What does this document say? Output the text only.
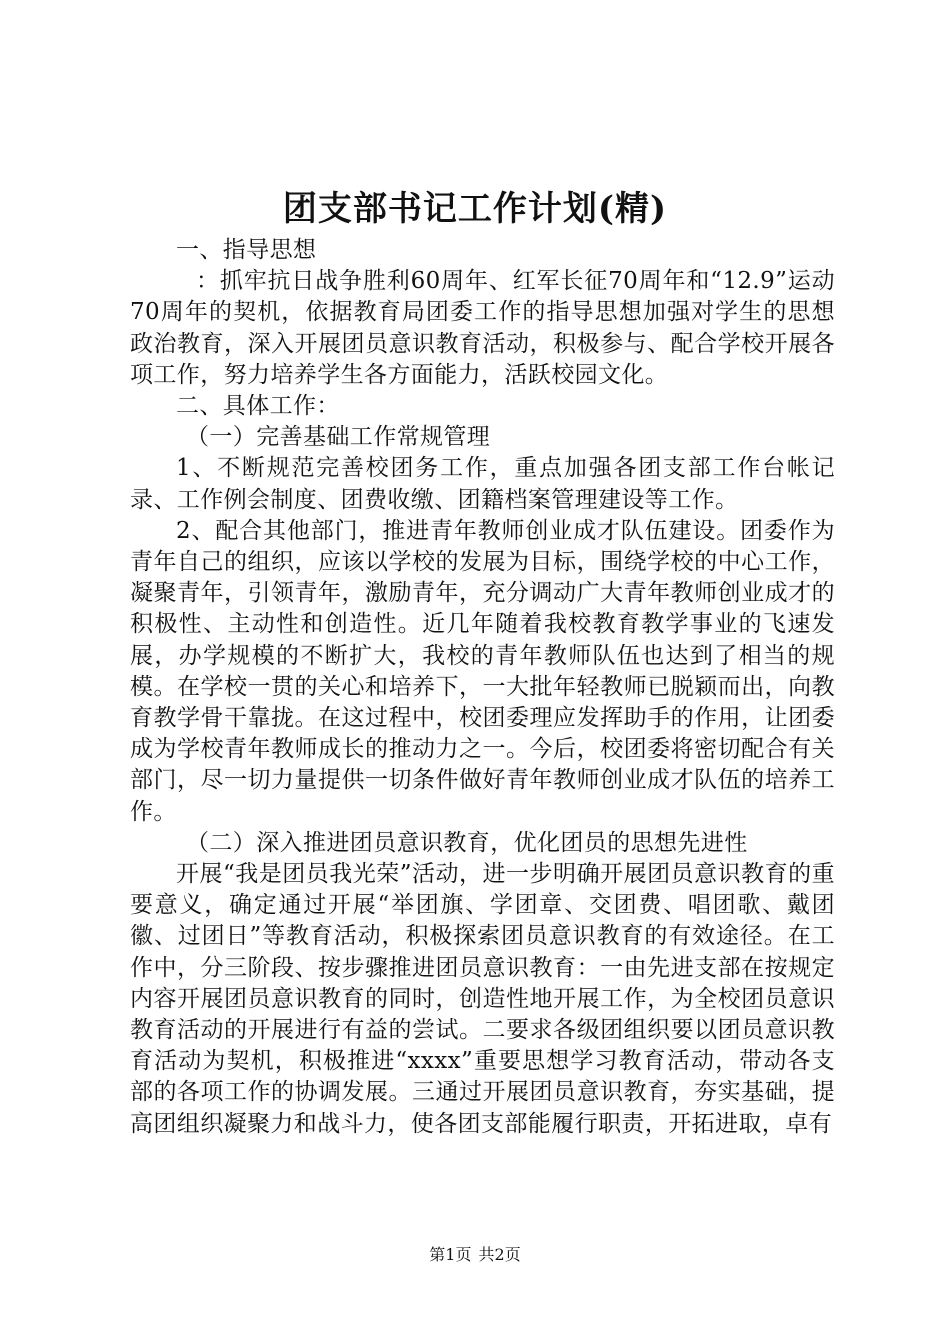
团支部书记工作计划(精)

一、指导思想

：抓牢抗日战争胜利60周年、红军长征70周年和“12.9”运动70周年的契机，依据教育局团委工作的指导思想加强对学生的思想政治教育，深入开展团员意识教育活动，积极参与、配合学校开展各项工作，努力培养学生各方面能力，活跃校园文化。

二、具体工作：

（一）完善基础工作常规管理

1、不断规范完善校团务工作，重点加强各团支部工作台帐记录、工作例会制度、团费收缴、团籍档案管理建设等工作。

2、配合其他部门，推进青年教师创业成才队伍建设。团委作为青年自己的组织，应该以学校的发展为目标，围绕学校的中心工作，凝聚青年，引领青年，激励青年，充分调动广大青年教师创业成才的积极性、主动性和创造性。近几年随着我校教育教学事业的飞速发展，办学规模的不断扩大，我校的青年教师队伍也达到了相当的规模。在学校一贯的关心和培养下，一大批年轻教师已脱颖而出，向教育教学骨干靠拢。在这过程中，校团委理应发挥助手的作用，让团委成为学校青年教师成长的推动力之一。今后，校团委将密切配合有关部门，尽一切力量提供一切条件做好青年教师创业成才队伍的培养工作。

（二）深入推进团员意识教育，优化团员的思想先进性

开展“我是团员我光荣”活动，进一步明确开展团员意识教育的重要意义，确定通过开展“举团旗、学团章、交团费、唱团歌、戴团徽、过团日”等教育活动，积极探索团员意识教育的有效途径。在工作中，分三阶段、按步骤推进团员意识教育：一由先进支部在按规定内容开展团员意识教育的同时，创造性地开展工作，为全校团员意识教育活动的开展进行有益的尝试。二要求各级团组织要以团员意识教育活动为契机，积极推进“xxxx”重要思想学习教育活动，带动各支部的各项工作的协调发展。三通过开展团员意识教育，夯实基础，提高团组织凝聚力和战斗力，使各团支部能履行职责，开拓进取，卓有

第1页 共2页
